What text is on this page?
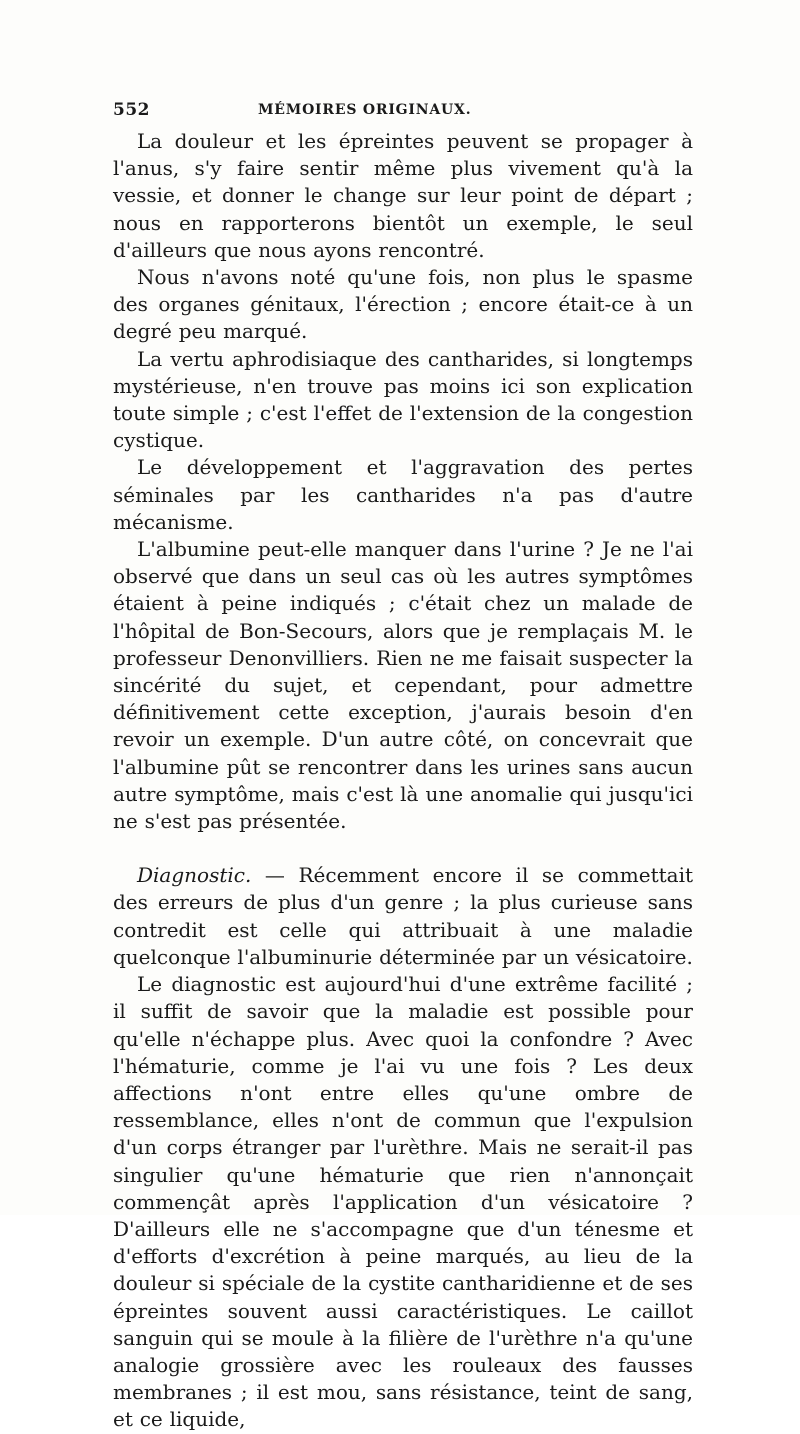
552	MÉMOIRES ORIGINAUX.

La douleur et les épreintes peuvent se propager à l'anus, s'y faire sentir même plus vivement qu'à la vessie, et donner le change sur leur point de départ ; nous en rapporterons bientôt un exemple, le seul d'ailleurs que nous ayons rencontré.

Nous n'avons noté qu'une fois, non plus le spasme des organes génitaux, l'érection ; encore était-ce à un degré peu marqué.

La vertu aphrodisiaque des cantharides, si longtemps mystérieuse, n'en trouve pas moins ici son explication toute simple ; c'est l'effet de l'extension de la congestion cystique.

Le développement et l'aggravation des pertes séminales par les cantharides n'a pas d'autre mécanisme.

L'albumine peut-elle manquer dans l'urine ? Je ne l'ai observé que dans un seul cas où les autres symptômes étaient à peine indiqués ; c'était chez un malade de l'hôpital de Bon-Secours, alors que je remplaçais M. le professeur Denonvilliers. Rien ne me faisait suspecter la sincérité du sujet, et cependant, pour admettre définitivement cette exception, j'aurais besoin d'en revoir un exemple. D'un autre côté, on concevrait que l'albumine pût se rencontrer dans les urines sans aucun autre symptôme, mais c'est là une anomalie qui jusqu'ici ne s'est pas présentée.

Diagnostic. — Récemment encore il se commettait des erreurs de plus d'un genre ; la plus curieuse sans contredit est celle qui attribuait à une maladie quelconque l'albuminurie déterminée par un vésicatoire.

Le diagnostic est aujourd'hui d'une extrême facilité ; il suffit de savoir que la maladie est possible pour qu'elle n'échappe plus. Avec quoi la confondre ? Avec l'hématurie, comme je l'ai vu une fois ? Les deux affections n'ont entre elles qu'une ombre de ressemblance, elles n'ont de commun que l'expulsion d'un corps étranger par l'urèthre. Mais ne serait-il pas singulier qu'une hématurie que rien n'annonçait commençât après l'application d'un vésicatoire ? D'ailleurs elle ne s'accompagne que d'un ténesme et d'efforts d'excrétion à peine marqués, au lieu de la douleur si spéciale de la cystite cantharidienne et de ses épreintes souvent aussi caractéristiques. Le caillot sanguin qui se moule à la filière de l'urèthre n'a qu'une analogie grossière avec les rouleaux des fausses membranes ; il est mou, sans résistance, teint de sang, et ce liquide,
